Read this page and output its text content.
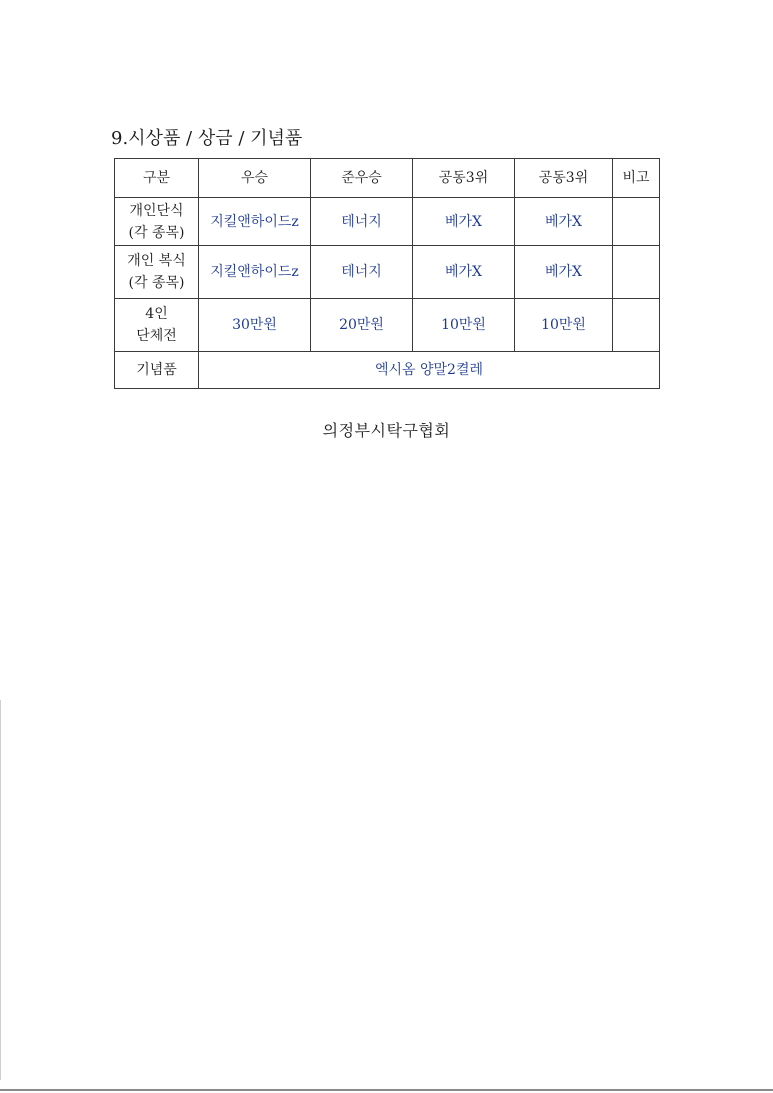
9.시상품 / 상금 / 기념품
구분	우승	준우승	공동3위	공동3위	비고

개인단식
(각 종목)	지킬앤하이드z	테너지	베가X	베가X	

개인 복식
(각 종목)	지킬앤하이드z	테너지	베가X	베가X	

4인
단체전	30만원	20만원	10만원	10만원	
기념품	엑시옴 양말2켤레				
의정부시탁구협회
